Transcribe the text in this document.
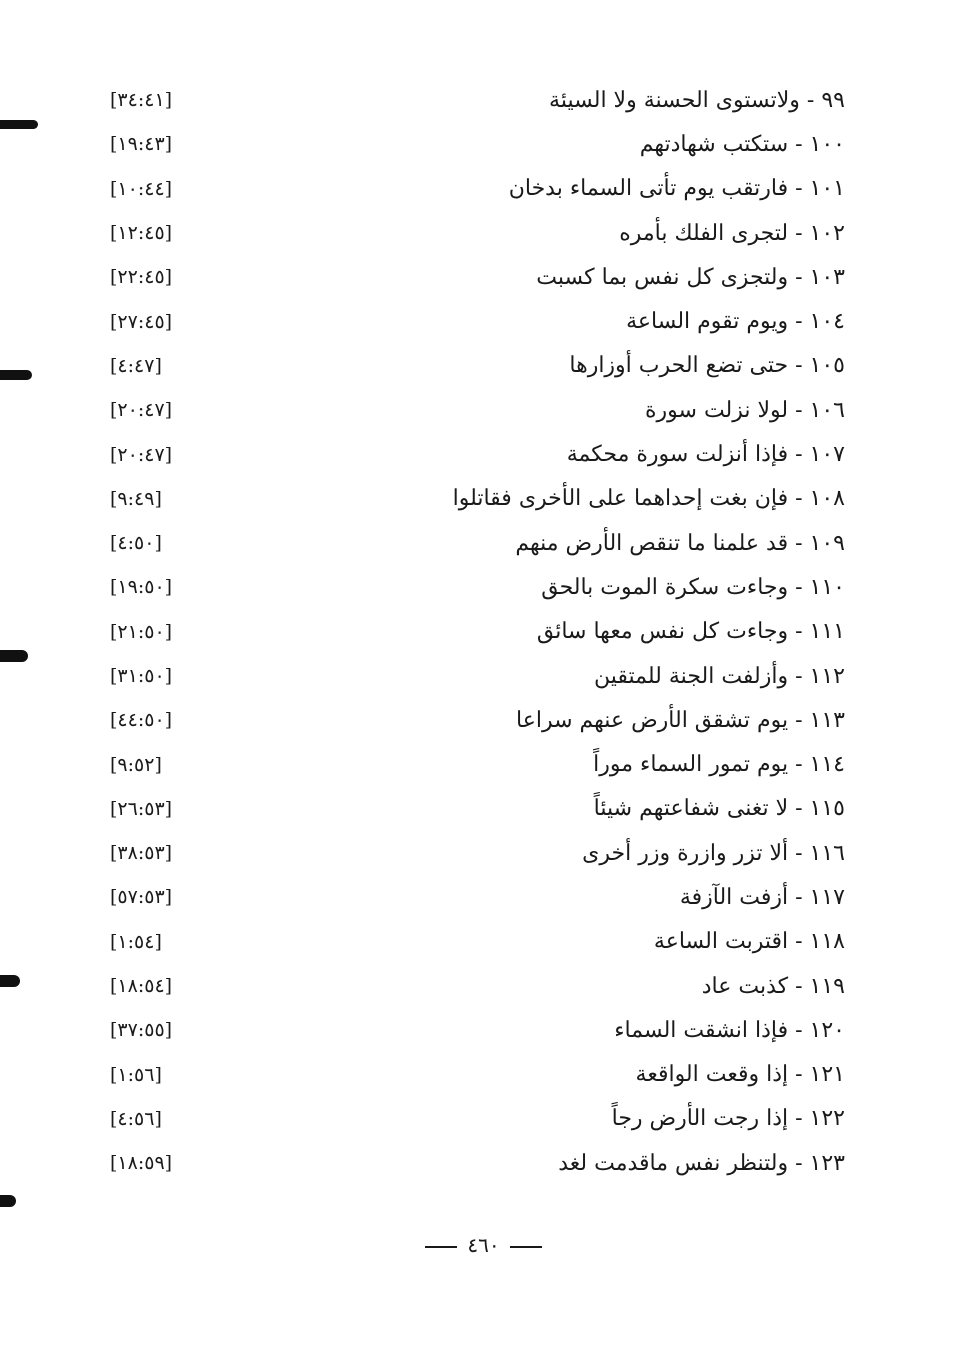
٩٩ - ولاتستوى الحسنة ولا السيئة
[٣٤:٤١]
١٠٠ - ستكتب شهادتهم
[١٩:٤٣]
١٠١ - فارتقب يوم تأتى السماء بدخان
[١٠:٤٤]
١٠٢ - لتجرى الفلك بأمره
[١٢:٤٥]
١٠٣ - ولتجزى كل نفس بما كسبت
[٢٢:٤٥]
١٠٤ - ويوم تقوم الساعة
[٢٧:٤٥]
١٠٥ - حتى تضع الحرب أوزارها
[٤:٤٧]
١٠٦ - لولا نزلت سورة
[٢٠:٤٧]
١٠٧ - فإذا أنزلت سورة محكمة
[٢٠:٤٧]
١٠٨ - فإن بغت إحداهما على الأخرى فقاتلوا
[٩:٤٩]
١٠٩ - قد علمنا ما تنقص الأرض منهم
[٤:٥٠]
١١٠ - وجاءت سكرة الموت بالحق
[١٩:٥٠]
١١١ - وجاءت كل نفس معها سائق
[٢١:٥٠]
١١٢ - وأزلفت الجنة للمتقين
[٣١:٥٠]
١١٣ - يوم تشقق الأرض عنهم سراعا
[٤٤:٥٠]
١١٤ - يوم تمور السماء موراً
[٩:٥٢]
١١٥ - لا تغنى شفاعتهم شيئاً
[٢٦:٥٣]
١١٦ - ألا تزر وازرة وزر أخرى
[٣٨:٥٣]
١١٧ - أزفت الآزفة
[٥٧:٥٣]
١١٨ - اقتربت الساعة
[١:٥٤]
١١٩ - كذبت عاد
[١٨:٥٤]
١٢٠ - فإذا انشقت السماء
[٣٧:٥٥]
١٢١ - إذا وقعت الواقعة
[١:٥٦]
١٢٢ - إذا رجت الأرض رجاً
[٤:٥٦]
١٢٣ - ولتنظر نفس ماقدمت لغد
[١٨:٥٩]
٤٦٠
